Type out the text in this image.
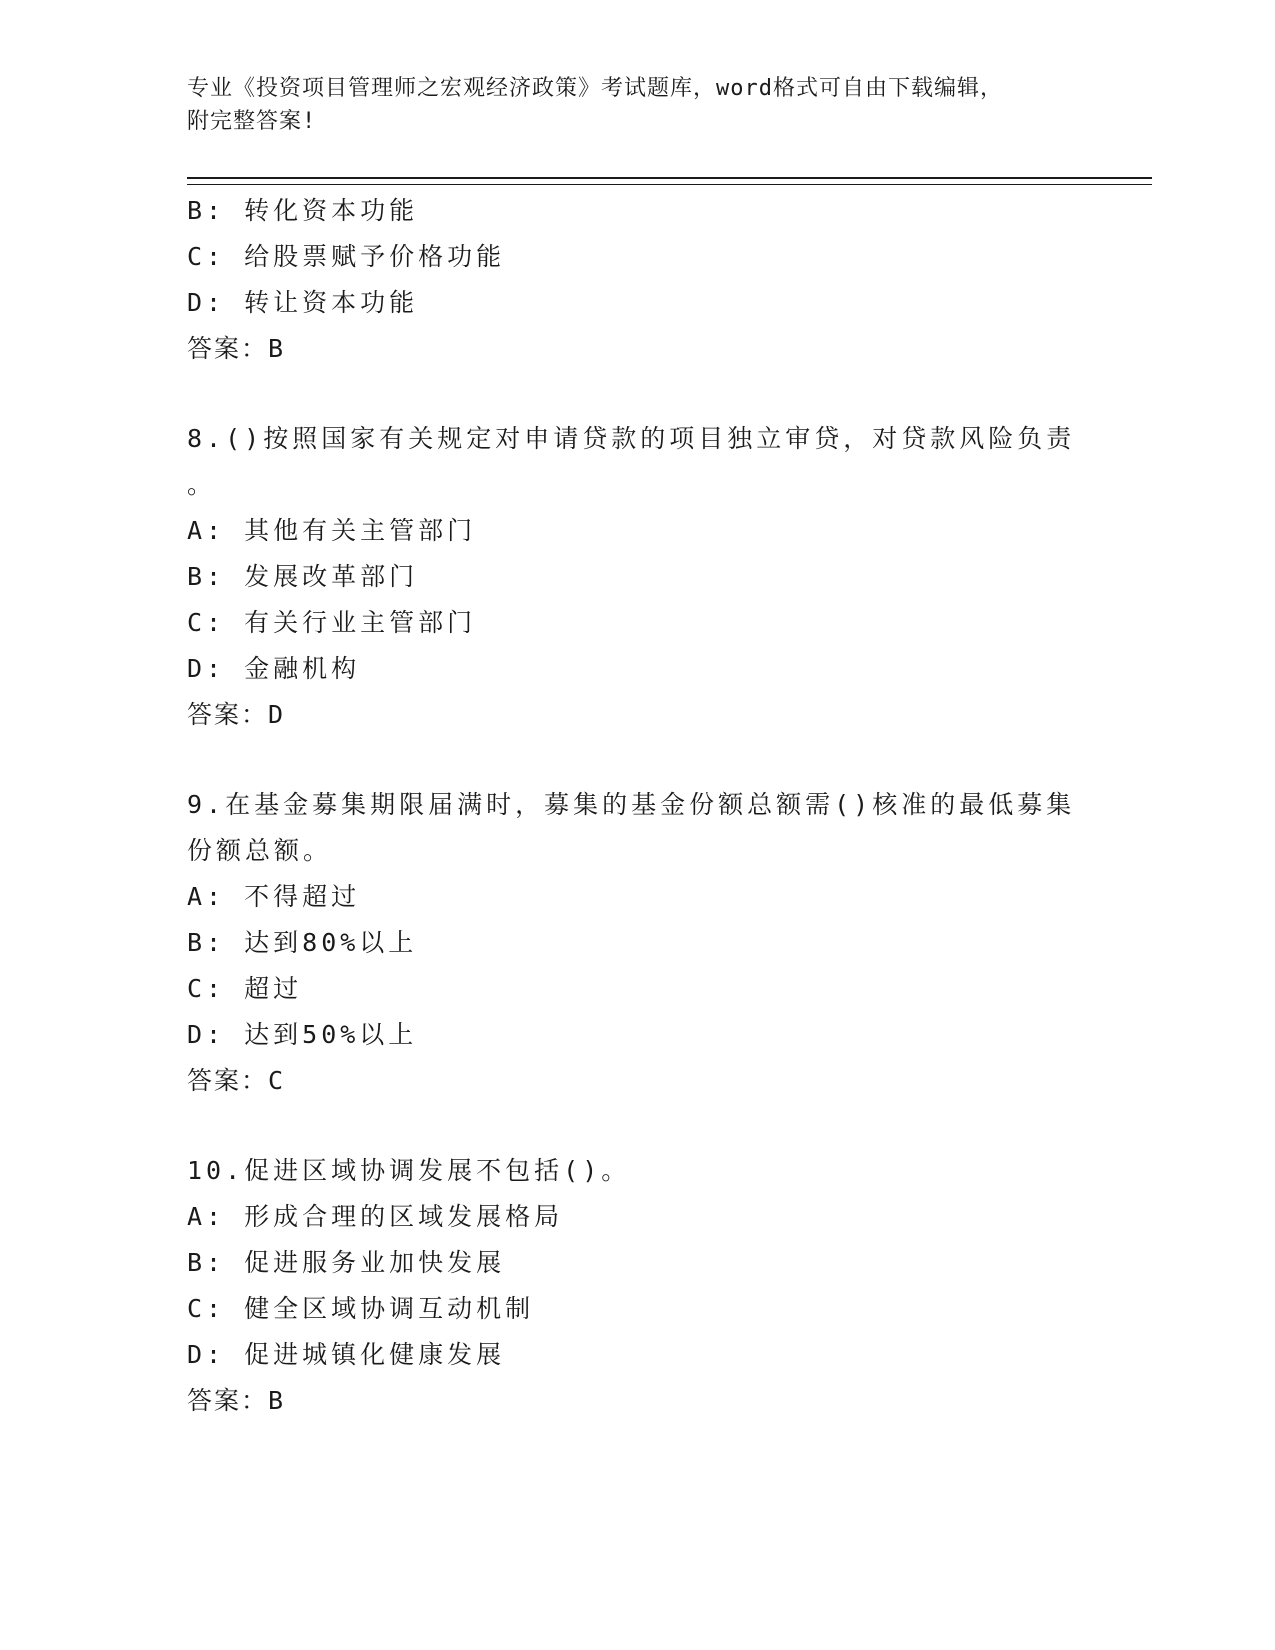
专业《投资项目管理师之宏观经济政策》考试题库，word格式可自由下载编辑，
附完整答案!
B: 转化资本功能
C: 给股票赋予价格功能
D: 转让资本功能
答案：B
8.()按照国家有关规定对申请贷款的项目独立审贷，对贷款风险负责
。
A: 其他有关主管部门
B: 发展改革部门
C: 有关行业主管部门
D: 金融机构
答案：D
9.在基金募集期限届满时，募集的基金份额总额需()核准的最低募集
份额总额。
A: 不得超过
B: 达到80%以上
C: 超过
D: 达到50%以上
答案：C
10.促进区域协调发展不包括()。
A: 形成合理的区域发展格局
B: 促进服务业加快发展
C: 健全区域协调互动机制
D: 促进城镇化健康发展
答案：B
